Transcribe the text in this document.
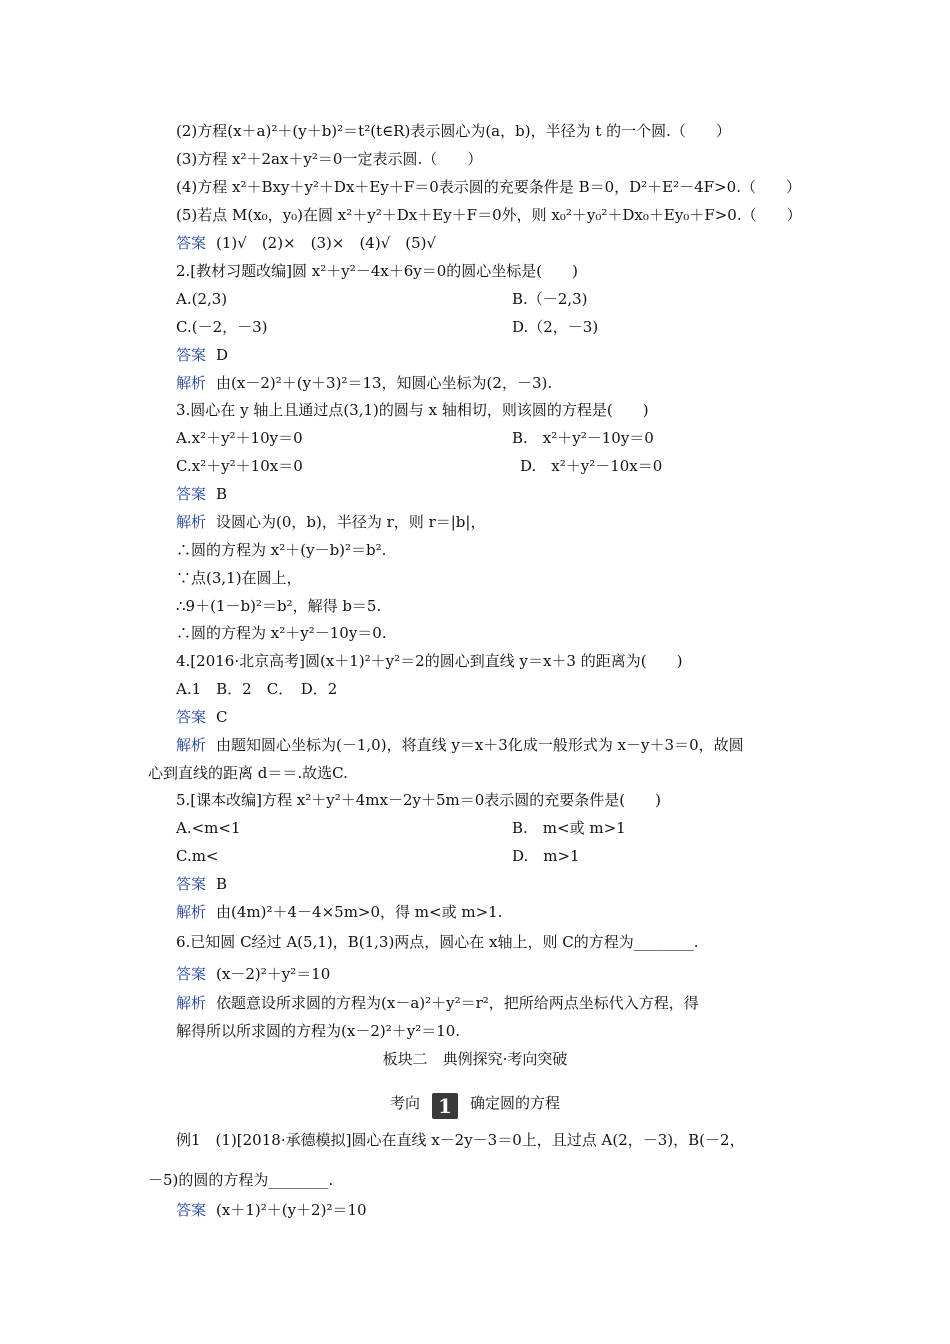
(2)方程(x＋a)²＋(y＋b)²＝t²(t∈R)表示圆心为(a，b)，半径为 t 的一个圆.（　　）
(3)方程 x²＋2ax＋y²＝0一定表示圆.（　　）
(4)方程 x²＋Bxy＋y²＋Dx＋Ey＋F＝0表示圆的充要条件是 B＝0，D²＋E²－4F>0.（　　）
(5)若点 M(x₀，y₀)在圆 x²＋y²＋Dx＋Ey＋F＝0外，则 x₀²＋y₀²＋Dx₀＋Ey₀＋F>0.（　　）
答案 (1)√　(2)×　(3)×　(4)√　(5)√
2.[教材习题改编]圆 x²＋y²－4x＋6y＝0的圆心坐标是(　　)
A.(2,3)	B.（－2,3)
C.(－2，－3)	D.（2，－3)
答案 D
解析 由(x－2)²＋(y＋3)²＝13，知圆心坐标为(2，－3).
3.圆心在 y 轴上且通过点(3,1)的圆与 x 轴相切，则该圆的方程是(　　)
A.x²＋y²＋10y＝0	B.　x²＋y²－10y＝0
C.x²＋y²＋10x＝0	D.　x²＋y²－10x＝0
答案 B
解析 设圆心为(0，b)，半径为 r，则 r＝|b|，
∴圆的方程为 x²＋(y－b)²＝b².
∵点(3,1)在圆上，
∴9＋(1－b)²＝b²，解得 b＝5.
∴圆的方程为 x²＋y²－10y＝0.
4.[2016·北京高考]圆(x＋1)²＋y²＝2的圆心到直线 y＝x＋3 的距离为(　　)
A.1　B．2　C．　D．2
答案 C
解析 由题知圆心坐标为(－1,0)，将直线 y＝x＋3化成一般形式为 x－y＋3＝0，故圆
心到直线的距离 d＝＝.故选C.
5.[课本改编]方程 x²＋y²＋4mx－2y＋5m＝0表示圆的充要条件是(　　)
A.<m<1	B.　m<或 m>1
C.m<	D.　m>1
答案 B
解析 由(4m)²＋4－4×5m>0，得 m<或 m>1.
6.已知圆 C经过 A(5,1)，B(1,3)两点，圆心在 x轴上，则 C的方程为________.
答案 (x－2)²＋y²＝10
解析 依题意设所求圆的方程为(x－a)²＋y²＝r²，把所给两点坐标代入方程，得
解得所以所求圆的方程为(x－2)²＋y²＝10.
板块二　典例探究·考向突破
考向 1 确定圆的方程
例1　(1)[2018·承德模拟]圆心在直线 x－2y－3＝0上，且过点 A(2，－3)，B(－2，
－5)的圆的方程为________.
答案 (x＋1)²＋(y＋2)²＝10
